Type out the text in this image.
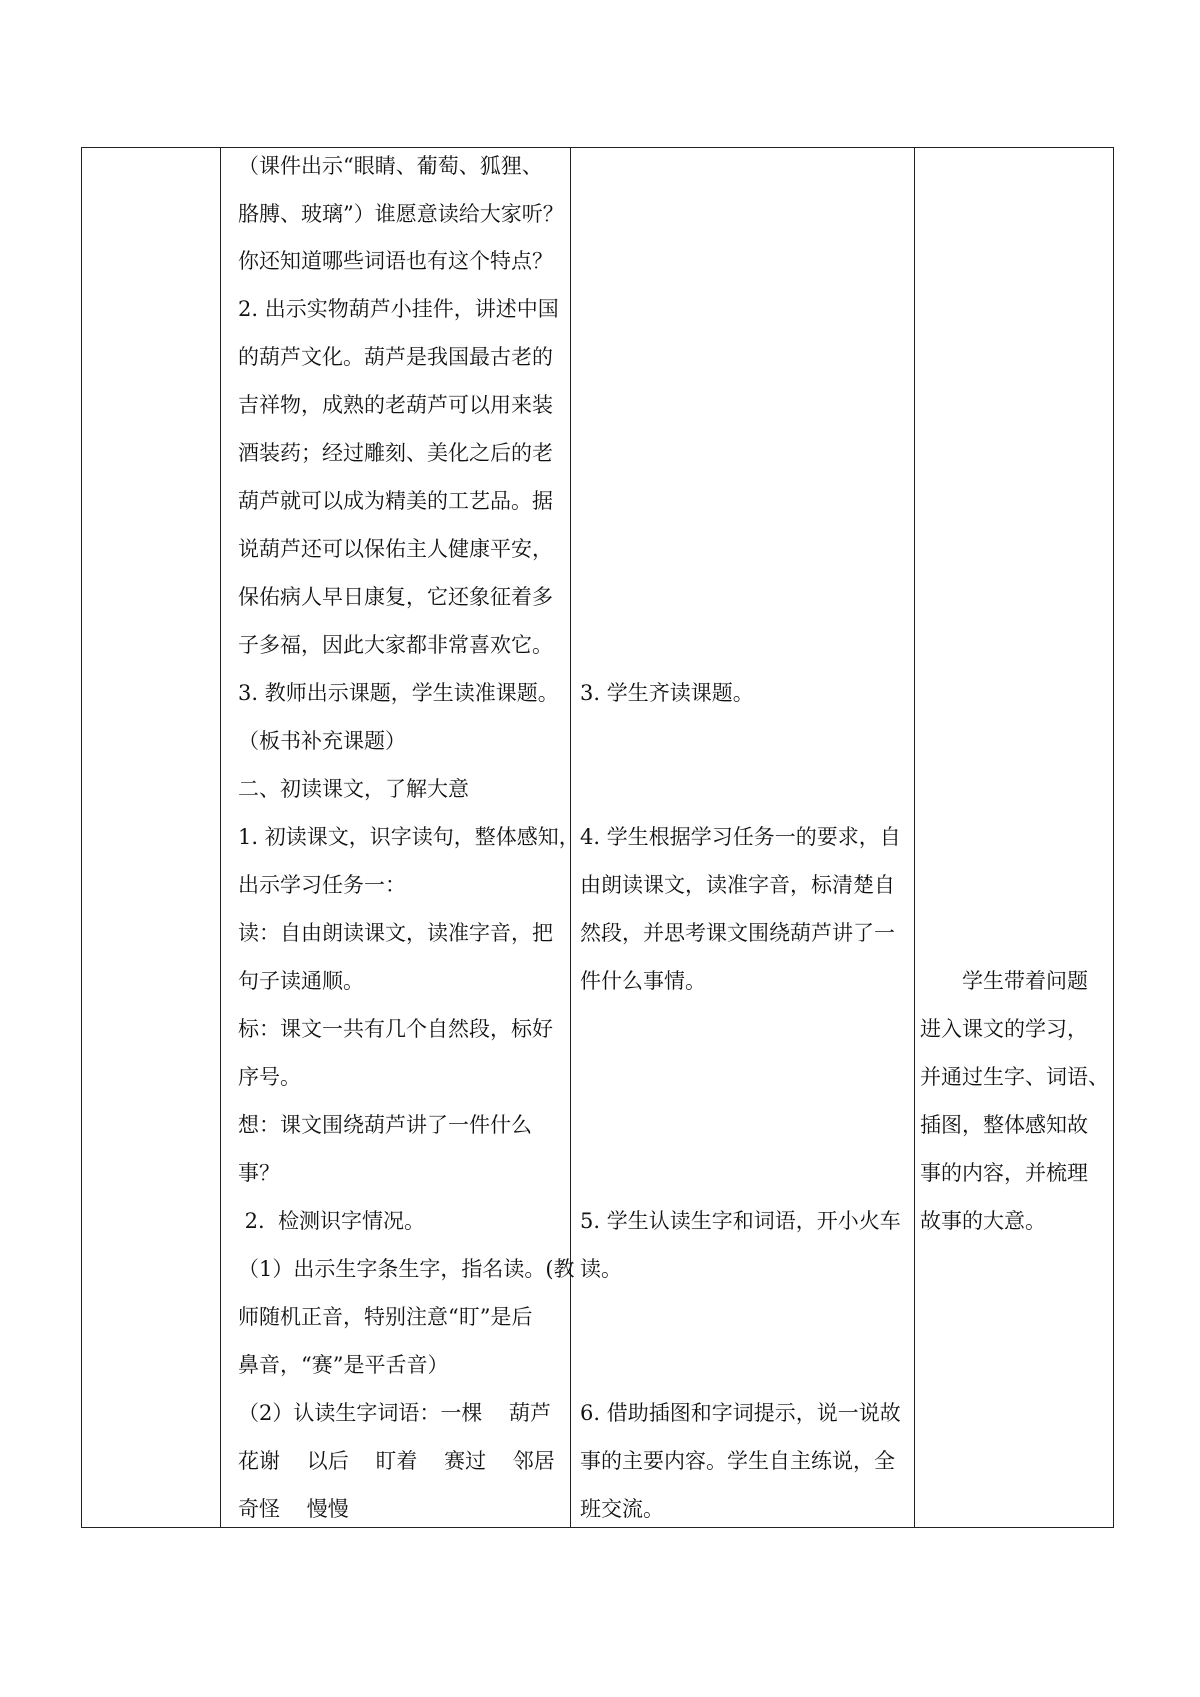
（课件出示“眼睛、葡萄、狐狸、
胳膊、玻璃”）谁愿意读给大家听？
你还知道哪些词语也有这个特点？
2. 出示实物葫芦小挂件，讲述中国
的葫芦文化。葫芦是我国最古老的
吉祥物，成熟的老葫芦可以用来装
酒装药；经过雕刻、美化之后的老
葫芦就可以成为精美的工艺品。据
说葫芦还可以保佑主人健康平安，
保佑病人早日康复，它还象征着多
子多福，因此大家都非常喜欢它。
3. 教师出示课题，学生读准课题。
（板书补充课题）
二、初读课文，了解大意
1. 初读课文，识字读句，整体感知，
出示学习任务一：
读：自由朗读课文，读准字音，把
句子读通顺。
标：课文一共有几个自然段，标好
序号。
想：课文围绕葫芦讲了一件什么
事？
2.  检测识字情况。
（1）出示生字条生字，指名读。(教
师随机正音，特别注意“盯”是后
鼻音，“赛”是平舌音）
（2）认读生字词语：一棵    葫芦
花谢    以后    盯着    赛过    邻居
奇怪    慢慢
3. 学生齐读课题。
4. 学生根据学习任务一的要求，自
由朗读课文，读准字音，标清楚自
然段，并思考课文围绕葫芦讲了一
件什么事情。
5. 学生认读生字和词语，开小火车
读。
6. 借助插图和字词提示，说一说故
事的主要内容。学生自主练说，全
班交流。
　　学生带着问题
进入课文的学习，
并通过生字、词语、
插图，整体感知故
事的内容，并梳理
故事的大意。
